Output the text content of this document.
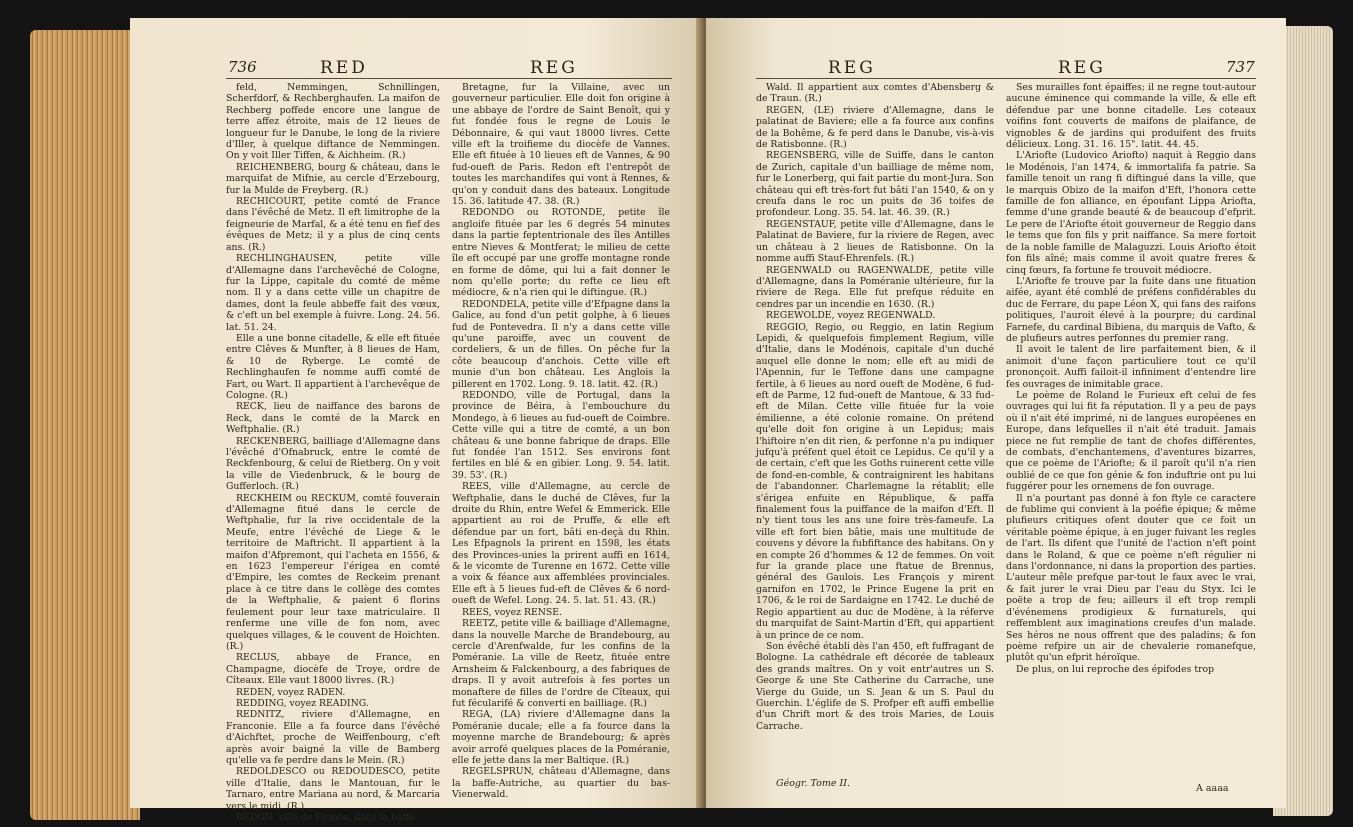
736	RED	REG

feld, Nemmingen, Schnillingen, Scherfdorf, & Rechberghaufen. La maifon de Rechberg poffede encore une langue de terre affez étroite, mais de 12 lieues de longueur fur le Danube, le long de la riviere d'Iller, à quelque diftance de Nemmingen. On y voit Iller Tiffen, & Aichheim. (R.)

REICHENBERG, bourg & château, dans le marquifat de Mifnie, au cercle d'Erzebourg, fur la Mulde de Freyberg. (R.)

RECHICOURT, petite comté de France dans l'évêché de Metz. Il eft limitrophe de la feigneurie de Marfal, & a été tenu en fief des évêques de Metz; il y a plus de cinq cents ans. (R.)

RECHLINGHAUSEN, petite ville d'Allemagne dans l'archevêché de Cologne, fur la Lippe, capitale du comté de même nom. Il y a dans cette ville un chapitre de dames, dont la feule abbeffe fait des vœux, & c'eft un bel exemple à fuivre. Long. 24. 56. lat. 51. 24.

Elle a une bonne citadelle, & elle eft fituée entre Clêves & Munfter, à 8 lieues de Ham, & 10 de Ryberge. Le comté de Rechlinghaufen fe nomme auffi comté de Fart, ou Wart. Il appartient à l'archevêque de Cologne. (R.)

RECK, lieu de naiffance des barons de Reck, dans le comté de la Marck en Weftphalie. (R.)

RECKENBERG, bailliage d'Allemagne dans l'évêché d'Ofnabruck, entre le comté de Reckfenbourg, & celui de Rietberg. On y voit la ville de Viedenbruck, & le bourg de Gufferloch. (R.)

RECKHEIM ou RECKUM, comté fouverain d'Allemagne fitué dans le cercle de Weftphalie, fur la rive occidentale de la Meufe, entre l'évêché de Liege & le territoire de Maftricht. Il appartient à la maifon d'Afpremont, qui l'acheta en 1556, & en 1623 l'empereur l'érigea en comté d'Empire, les comtes de Reckeim prenant place à ce titre dans le collège des comtes de la Weftphalie, & paient 6 florins feulement pour leur taxe matriculaire. Il renferme une ville de fon nom, avec quelques villages, & le couvent de Hoichten. (R.)

RECLUS, abbaye de France, en Champagne, diocèfe de Troye, ordre de Cîteaux. Elle vaut 18000 livres. (R.)

REDEN, voyez RADEN.

REDDING, voyez READING.

REDNITZ, riviere d'Allemagne, en Franconie. Elle a fa fource dans l'évêché d'Aichftet, proche de Weiffenbourg, c'eft après avoir baigné la ville de Bamberg qu'elle va fe perdre dans le Mein. (R.)

REDOLDESCO ou REDOUDESCO, petite ville d'Italie, dans le Mantouan, fur le Tarnaro, entre Mariana au nord, & Marcaria vers le midi. (R.)

REDON, ville de France, dans la baffe

Bretagne, fur la Villaine, avec un gouverneur particulier. Elle doit fon origine à une abbaye de l'ordre de Saint Benoît, qui y fut fondée fous le regne de Louis le Débonnaire, & qui vaut 18000 livres. Cette ville eft la troifieme du diocèfe de Vannes. Elle eft fituée à 10 lieues eft de Vannes, & 90 fud-oueft de Paris. Redon eft l'entrepôt de toutes les marchandifes qui vont à Rennes, & qu'on y conduit dans des bateaux. Longitude 15. 36. latitude 47. 38. (R.)

REDONDO ou ROTONDE, petite île angloife fituée par les 6 degrés 54 minutes dans la partie feptentrionale des îles Antilles entre Nieves & Montferat; le milieu de cette île eft occupé par une groffe montagne ronde en forme de dôme, qui lui a fait donner le nom qu'elle porte; du refte ce lieu eft médiocre, & n'a rien qui le diftingue. (R.)

REDONDELA, petite ville d'Efpagne dans la Galice, au fond d'un petit golphe, à 6 lieues fud de Pontevedra. Il n'y a dans cette ville qu'une paroiffe, avec un couvent de cordeliers, & un de filles. On pêche fur la côte beaucoup d'anchois. Cette ville eft munie d'un bon château. Les Anglois la pillerent en 1702. Long. 9. 18. latit. 42. (R.)

REDONDO, ville de Portugal, dans la province de Béira, à l'embouchure du Mondego, à 6 lieues au fud-oueft de Coimbre. Cette ville qui a titre de comté, a un bon château & une bonne fabrique de draps. Elle fut fondée l'an 1512. Ses environs font fertiles en blé & en gibier. Long. 9. 54. latit. 39. 53'. (R.)

REES, ville d'Allemagne, au cercle de Weftphalie, dans le duché de Clêves, fur la droite du Rhin, entre Wefel & Emmerick. Elle appartient au roi de Pruffe, & elle eft défendue par un fort, bâti en-deçà du Rhin. Les Efpagnols la prirent en 1598, les états des Provinces-unies la prirent auffi en 1614, & le vicomte de Turenne en 1672. Cette ville a voix & féance aux affemblées provinciales. Elle eft à 5 lieues fud-eft de Clêves & 6 nord-oueft de Wefel. Long. 24. 5. lat. 51. 43. (R.)

REES, voyez RENSE.

REETZ, petite ville & bailliage d'Allemagne, dans la nouvelle Marche de Brandebourg, au cercle d'Arenfwalde, fur les confins de la Poméranie. La ville de Reetz, fituée entre Arnsheim & Falckenbourg, a des fabriques de draps. Il y avoit autrefois à fes portes un monaftere de filles de l'ordre de Cîteaux, qui fut fécularifé & converti en bailliage. (R.)

REGA, (LA) riviere d'Allemagne dans la Poméranie ducale; elle a fa fource dans la moyenne marche de Brandebourg; & après avoir arrofé quelques places de la Poméranie, elle fe jette dans la mer Baltique. (R.)

REGELSPRUN, château d'Allemagne, dans la baffe-Autriche, au quartier du bas-Vienerwald.

REG	REG	737

Wald. Il appartient aux comtes d'Abensberg & de Traun. (R.)

REGEN, (LE) riviere d'Allemagne, dans le palatinat de Baviere; elle a fa fource aux confins de la Bohême, & fe perd dans le Danube, vis-à-vis de Ratisbonne. (R.)

REGENSBERG, ville de Suiffe, dans le canton de Zurich, capitale d'un bailliage de même nom, fur le Lonerberg, qui fait partie du mont-Jura. Son château qui eft très-fort fut bâti l'an 1540, & on y creufa dans le roc un puits de 36 toifes de profondeur. Long. 35. 54. lat. 46. 39. (R.)

REGENSTAUF, petite ville d'Allemagne, dans le Palatinat de Baviere, fur la riviere de Regen, avec un château à 2 lieues de Ratisbonne. On la nomme auffi Stauf-Ehrenfels. (R.)

REGENWALD ou RAGENWALDE, petite ville d'Allemagne, dans la Poméranie ultérieure, fur la riviere de Rega. Elle fut prefque réduite en cendres par un incendie en 1630. (R.)

REGEWOLDE, voyez REGENWALD.

REGGIO, Regio, ou Reggio, en latin Regium Lepidi, & quelquefois fimplement Regium, ville d'Italie, dans le Modénois, capitale d'un duché auquel elle donne le nom; elle eft au midi de l'Apennin, fur le Teffone dans une campagne fertile, à 6 lieues au nord oueft de Modène, 6 fud-eft de Parme, 12 fud-oueft de Mantoue, & 33 fud-eft de Milan. Cette ville fituée fur la voie émilienne, a été colonie romaine. On prétend qu'elle doit fon origine à un Lepidus; mais l'hiftoire n'en dit rien, & perfonne n'a pu indiquer jufqu'à préfent quel étoit ce Lepidus. Ce qu'il y a de certain, c'eft que les Goths ruinerent cette ville de fond-en-comble, & contraignirent les habitans de l'abandonner. Charlemagne la rétablit; elle s'érigea enfuite en République, & paffa finalement fous la puiffance de la maifon d'Eft. Il n'y tient tous les ans une foire très-fameufe. La ville eft fort bien bâtie, mais une multitude de couvens y dévore la fubfiftance des habitans. On y en compte 26 d'hommes & 12 de femmes. On voit fur la grande place une ftatue de Brennus, général des Gaulois. Les François y mirent garnifon en 1702, le Prince Eugene la prit en 1706, & le roi de Sardaigne en 1742. Le duché de Regio appartient au duc de Modène, à la réferve du marquifat de Saint-Martin d'Eft, qui appartient à un prince de ce nom.

Son évêché établi dès l'an 450, eft fuffragant de Bologne. La cathédrale eft décorée de tableaux des grands maîtres. On y voit entr'autres un S. George & une Ste Catherine du Carrache, une Vierge du Guide, un S. Jean & un S. Paul du Guerchin. L'églife de S. Profper eft auffi embellie d'un Chrift mort & des trois Maries, de Louis Carrache.

Géogr. Tome II.

Ses murailles font épaiffes; il ne regne tout-autour aucune éminence qui commande la ville, & elle eft défendue par une bonne citadelle. Les coteaux voifins font couverts de maifons de plaifance, de vignobles & de jardins qui produifent des fruits délicieux. Long. 31. 16. 15". latit. 44. 45.

L'Ariofte (Ludovico Ariofto) naquit à Reggio dans le Modénois, l'an 1474, & immortalifa fa patrie. Sa famille tenoit un rang fi diftingué dans la ville, que le marquis Obizo de la maifon d'Eft, l'honora cette famille de fon alliance, en époufant Lippa Ariofta, femme d'une grande beauté & de beaucoup d'efprit. Le pere de l'Ariofte étoit gouverneur de Reggio dans le tems que fon fils y prit naiffance. Sa mere fortoit de la noble famille de Malaguzzi. Louis Ariofto étoit fon fils aîné; mais comme il avoit quatre freres & cinq fœurs, fa fortune fe trouvoit médiocre.

L'Ariofte fe trouve par la fuite dans une fituation aifée, ayant été comblé de préfens confidérables du duc de Ferrare, du pape Léon X, qui fans des raifons politiques, l'auroit élevé à la pourpre; du cardinal Farnefe, du cardinal Bibiena, du marquis de Vafto, & de plufieurs autres perfonnes du premier rang.

Il avoit le talent de lire parfaitement bien, & il animoit d'une façon particuliere tout ce qu'il prononçoit. Auffi failoit-il infiniment d'entendre lire fes ouvrages de inimitable grace.

Le poème de Roland le Furieux eft celui de fes ouvrages qui lui fit fa réputation. Il y a peu de pays où il n'ait été imprimé, ni de langues européenes en Europe, dans lefquelles il n'ait été traduit. Jamais piece ne fut remplie de tant de chofes différentes, de combats, d'enchantemens, d'aventures bizarres, que ce poème de l'Ariofte; & il paroît qu'il n'a rien oublié de ce que fon génie & fon induftrie ont pu lui fuggérer pour les ornemens de fon ouvrage.

Il n'a pourtant pas donné à fon ftyle ce caractere de fublime qui convient à la poéfie épique; & même plufieurs critiques ofent douter que ce foit un véritable poème épique, à en juger fuivant les regles de l'art. Ils difent que l'unité de l'action n'eft point dans le Roland, & que ce poème n'eft régulier ni dans l'ordonnance, ni dans la proportion des parties. L'auteur mêle prefque par-tout le faux avec le vrai, & fait jurer le vrai Dieu par l'eau du Styx. Ici le poëte a trop de feu; ailleurs il eft trop rempli d'événemens prodigieux & furnaturels, qui reffemblent aux imaginations creufes d'un malade. Ses héros ne nous offrent que des paladins; & fon poème refpire un air de chevalerie romanefque, plutôt qu'un efprit héroïque.

De plus, on lui reproche des épifodes trop

A aaaa
